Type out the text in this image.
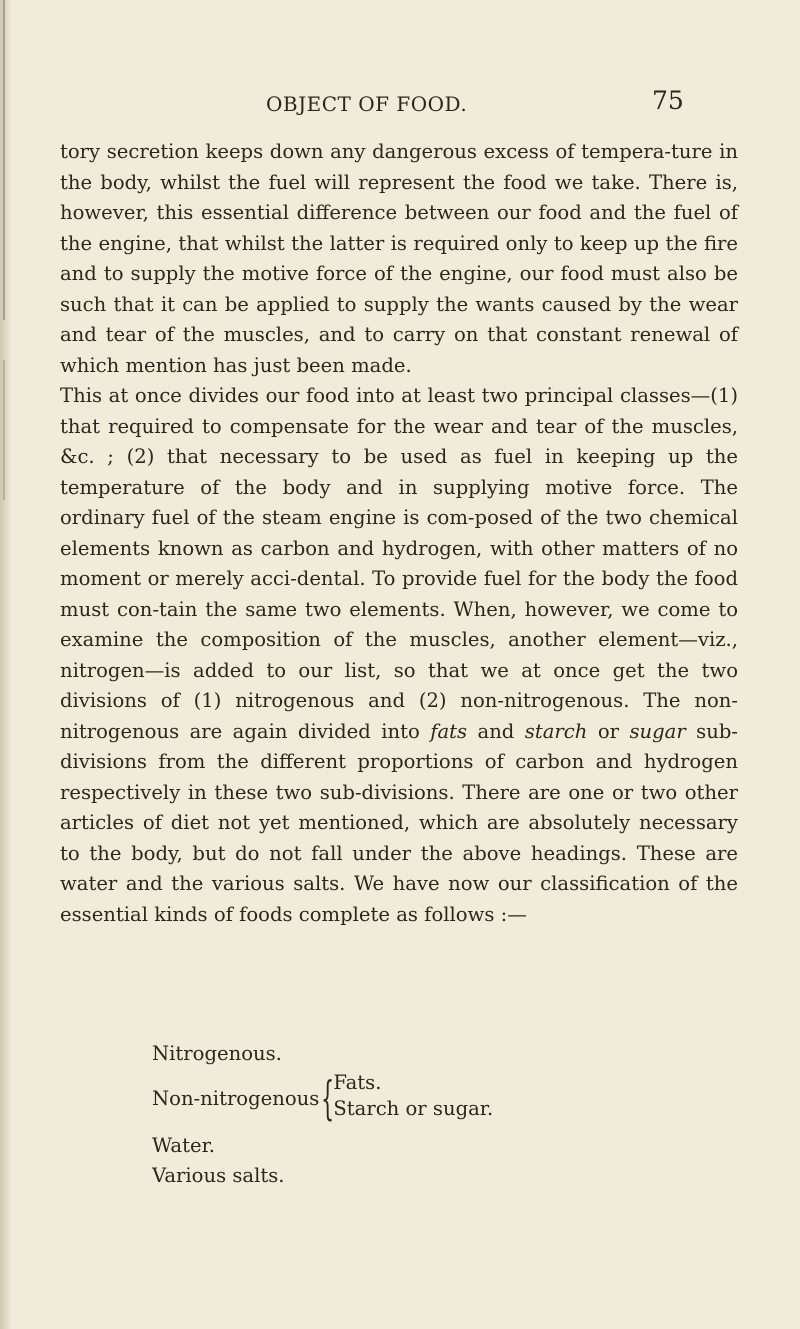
OBJECT OF FOOD.	75

tory secretion keeps down any dangerous excess of tempera-ture in the body, whilst the fuel will represent the food we take. There is, however, this essential difference between our food and the fuel of the engine, that whilst the latter is required only to keep up the fire and to supply the motive force of the engine, our food must also be such that it can be applied to supply the wants caused by the wear and tear of the muscles, and to carry on that constant renewal of which mention has just been made.

This at once divides our food into at least two principal classes—(1) that required to compensate for the wear and tear of the muscles, &c. ; (2) that necessary to be used as fuel in keeping up the temperature of the body and in supplying motive force. The ordinary fuel of the steam engine is com-posed of the two chemical elements known as carbon and hydrogen, with other matters of no moment or merely acci-dental. To provide fuel for the body the food must con-tain the same two elements. When, however, we come to examine the composition of the muscles, another element—viz., nitrogen—is added to our list, so that we at once get the two divisions of (1) nitrogenous and (2) non-nitrogenous. The non-nitrogenous are again divided into fats and starch or sugar sub-divisions from the different proportions of carbon and hydrogen respectively in these two sub-divisions. There are one or two other articles of diet not yet mentioned, which are absolutely necessary to the body, but do not fall under the above headings. These are water and the various salts. We have now our classification of the essential kinds of foods complete as follows :—

Nitrogenous.
Non-nitrogenous {
Fats.
Starch or sugar.
Water.
Various salts.
